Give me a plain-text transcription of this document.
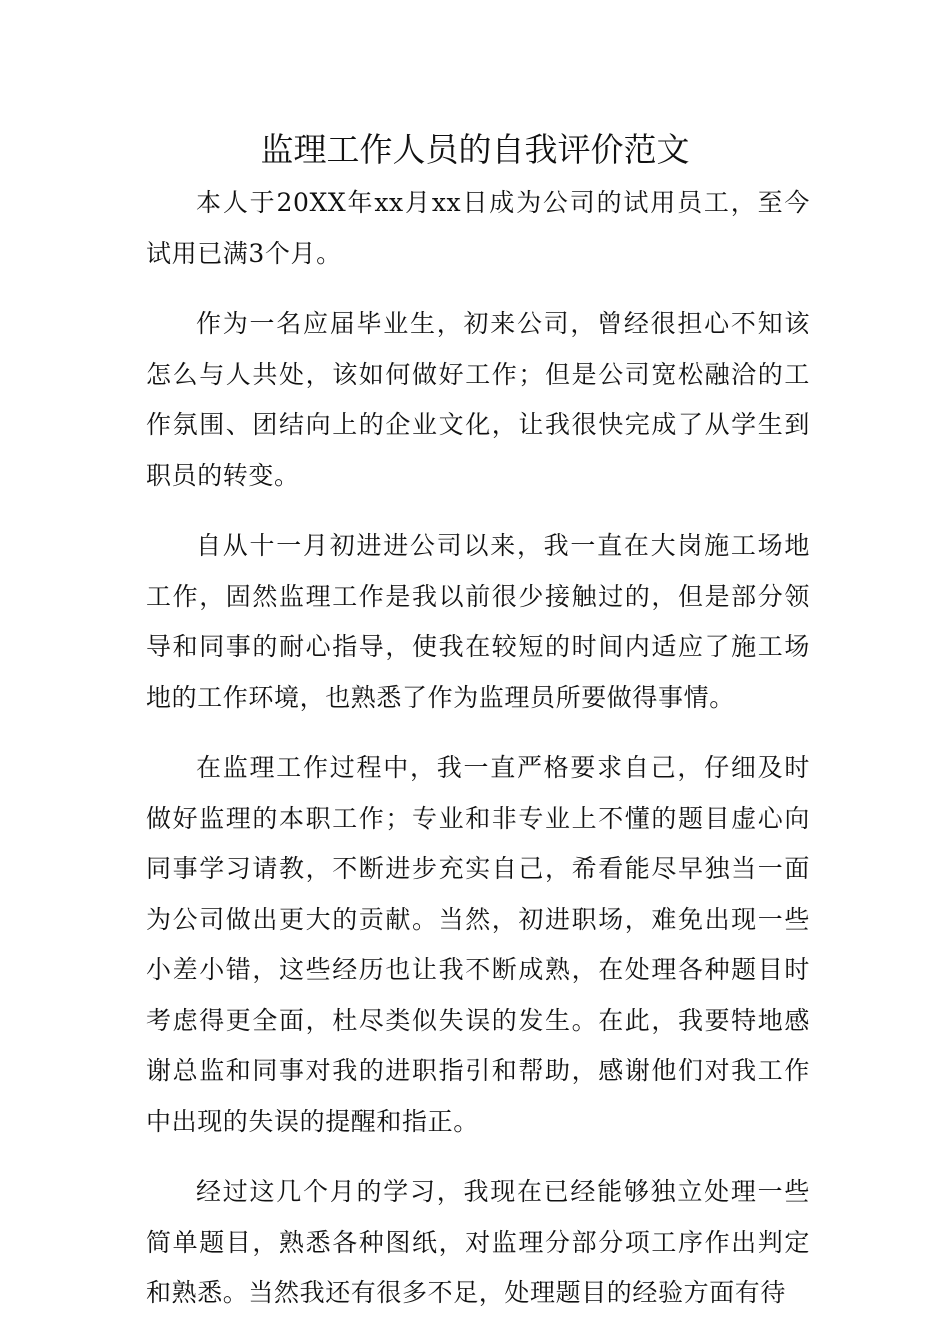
监理工作人员的自我评价范文

本人于20XX年xx月xx日成为公司的试用员工，至今试用已满3个月。

作为一名应届毕业生，初来公司，曾经很担心不知该怎么与人共处，该如何做好工作；但是公司宽松融洽的工作氛围、团结向上的企业文化，让我很快完成了从学生到职员的转变。

自从十一月初进进公司以来，我一直在大岗施工场地工作，固然监理工作是我以前很少接触过的，但是部分领导和同事的耐心指导，使我在较短的时间内适应了施工场地的工作环境，也熟悉了作为监理员所要做得事情。

在监理工作过程中，我一直严格要求自己，仔细及时做好监理的本职工作；专业和非专业上不懂的题目虚心向同事学习请教，不断进步充实自己，希看能尽早独当一面为公司做出更大的贡献。当然，初进职场，难免出现一些小差小错，这些经历也让我不断成熟，在处理各种题目时考虑得更全面，杜尽类似失误的发生。在此，我要特地感谢总监和同事对我的进职指引和帮助，感谢他们对我工作中出现的失误的提醒和指正。

经过这几个月的学习，我现在已经能够独立处理一些简单题目，熟悉各种图纸，对监理分部分项工序作出判定和熟悉。当然我还有很多不足，处理题目的经验方面有待
